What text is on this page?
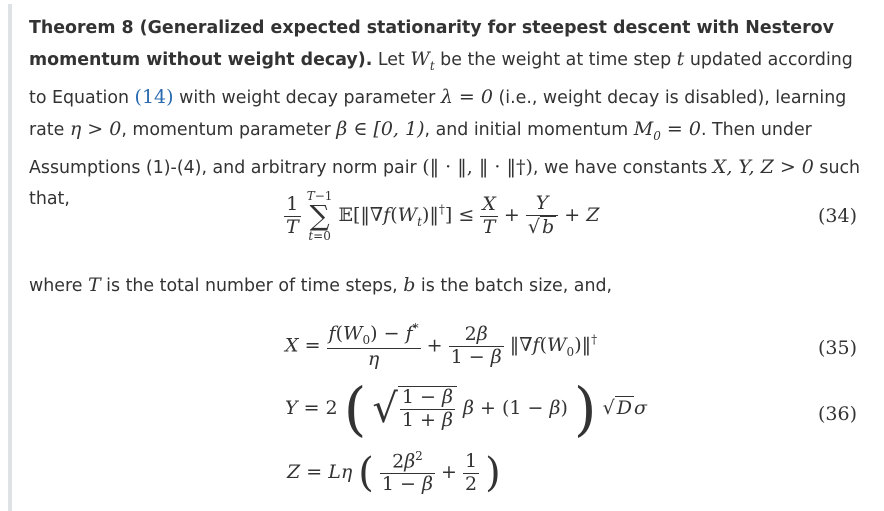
Theorem 8 (Generalized expected stationarity for steepest descent with Nesterov momentum without weight decay). Let $W_t$ be the weight at time step t updated according to Equation (14) with weight decay parameter λ = 0 (i.e., weight decay is disabled), learning rate η > 0, momentum parameter β ∈ [0, 1), and initial momentum $M_0 = 0$. Then under Assumptions (1)-(4), and arbitrary norm pair (‖ · ‖, ‖ · ‖†), we have constants X, Y, Z > 0 such that,	$\frac{1}{T}$
T−1
∑
t=0
$𝔼[‖\nabla f(W_t)‖^\dagger] \le \frac{X}{T} + \frac{Y}{√ b} + Z$	(34)
where T is the total number of time steps, b is the batch size, and,
$X = \frac{f(W_0) - f^*}{\eta} + \frac{2\beta}{1 - \beta}$ $‖\nabla f(W_0)‖^\dagger$	(35)
Y = 2 ( √ $\frac{1 - \beta}{1 + \beta}$ β + (1 − β) ) √ D σ	(36)
Z = Lη ( $\frac{2\beta^2}{1 - \beta} + \frac{1}{2}$ )
